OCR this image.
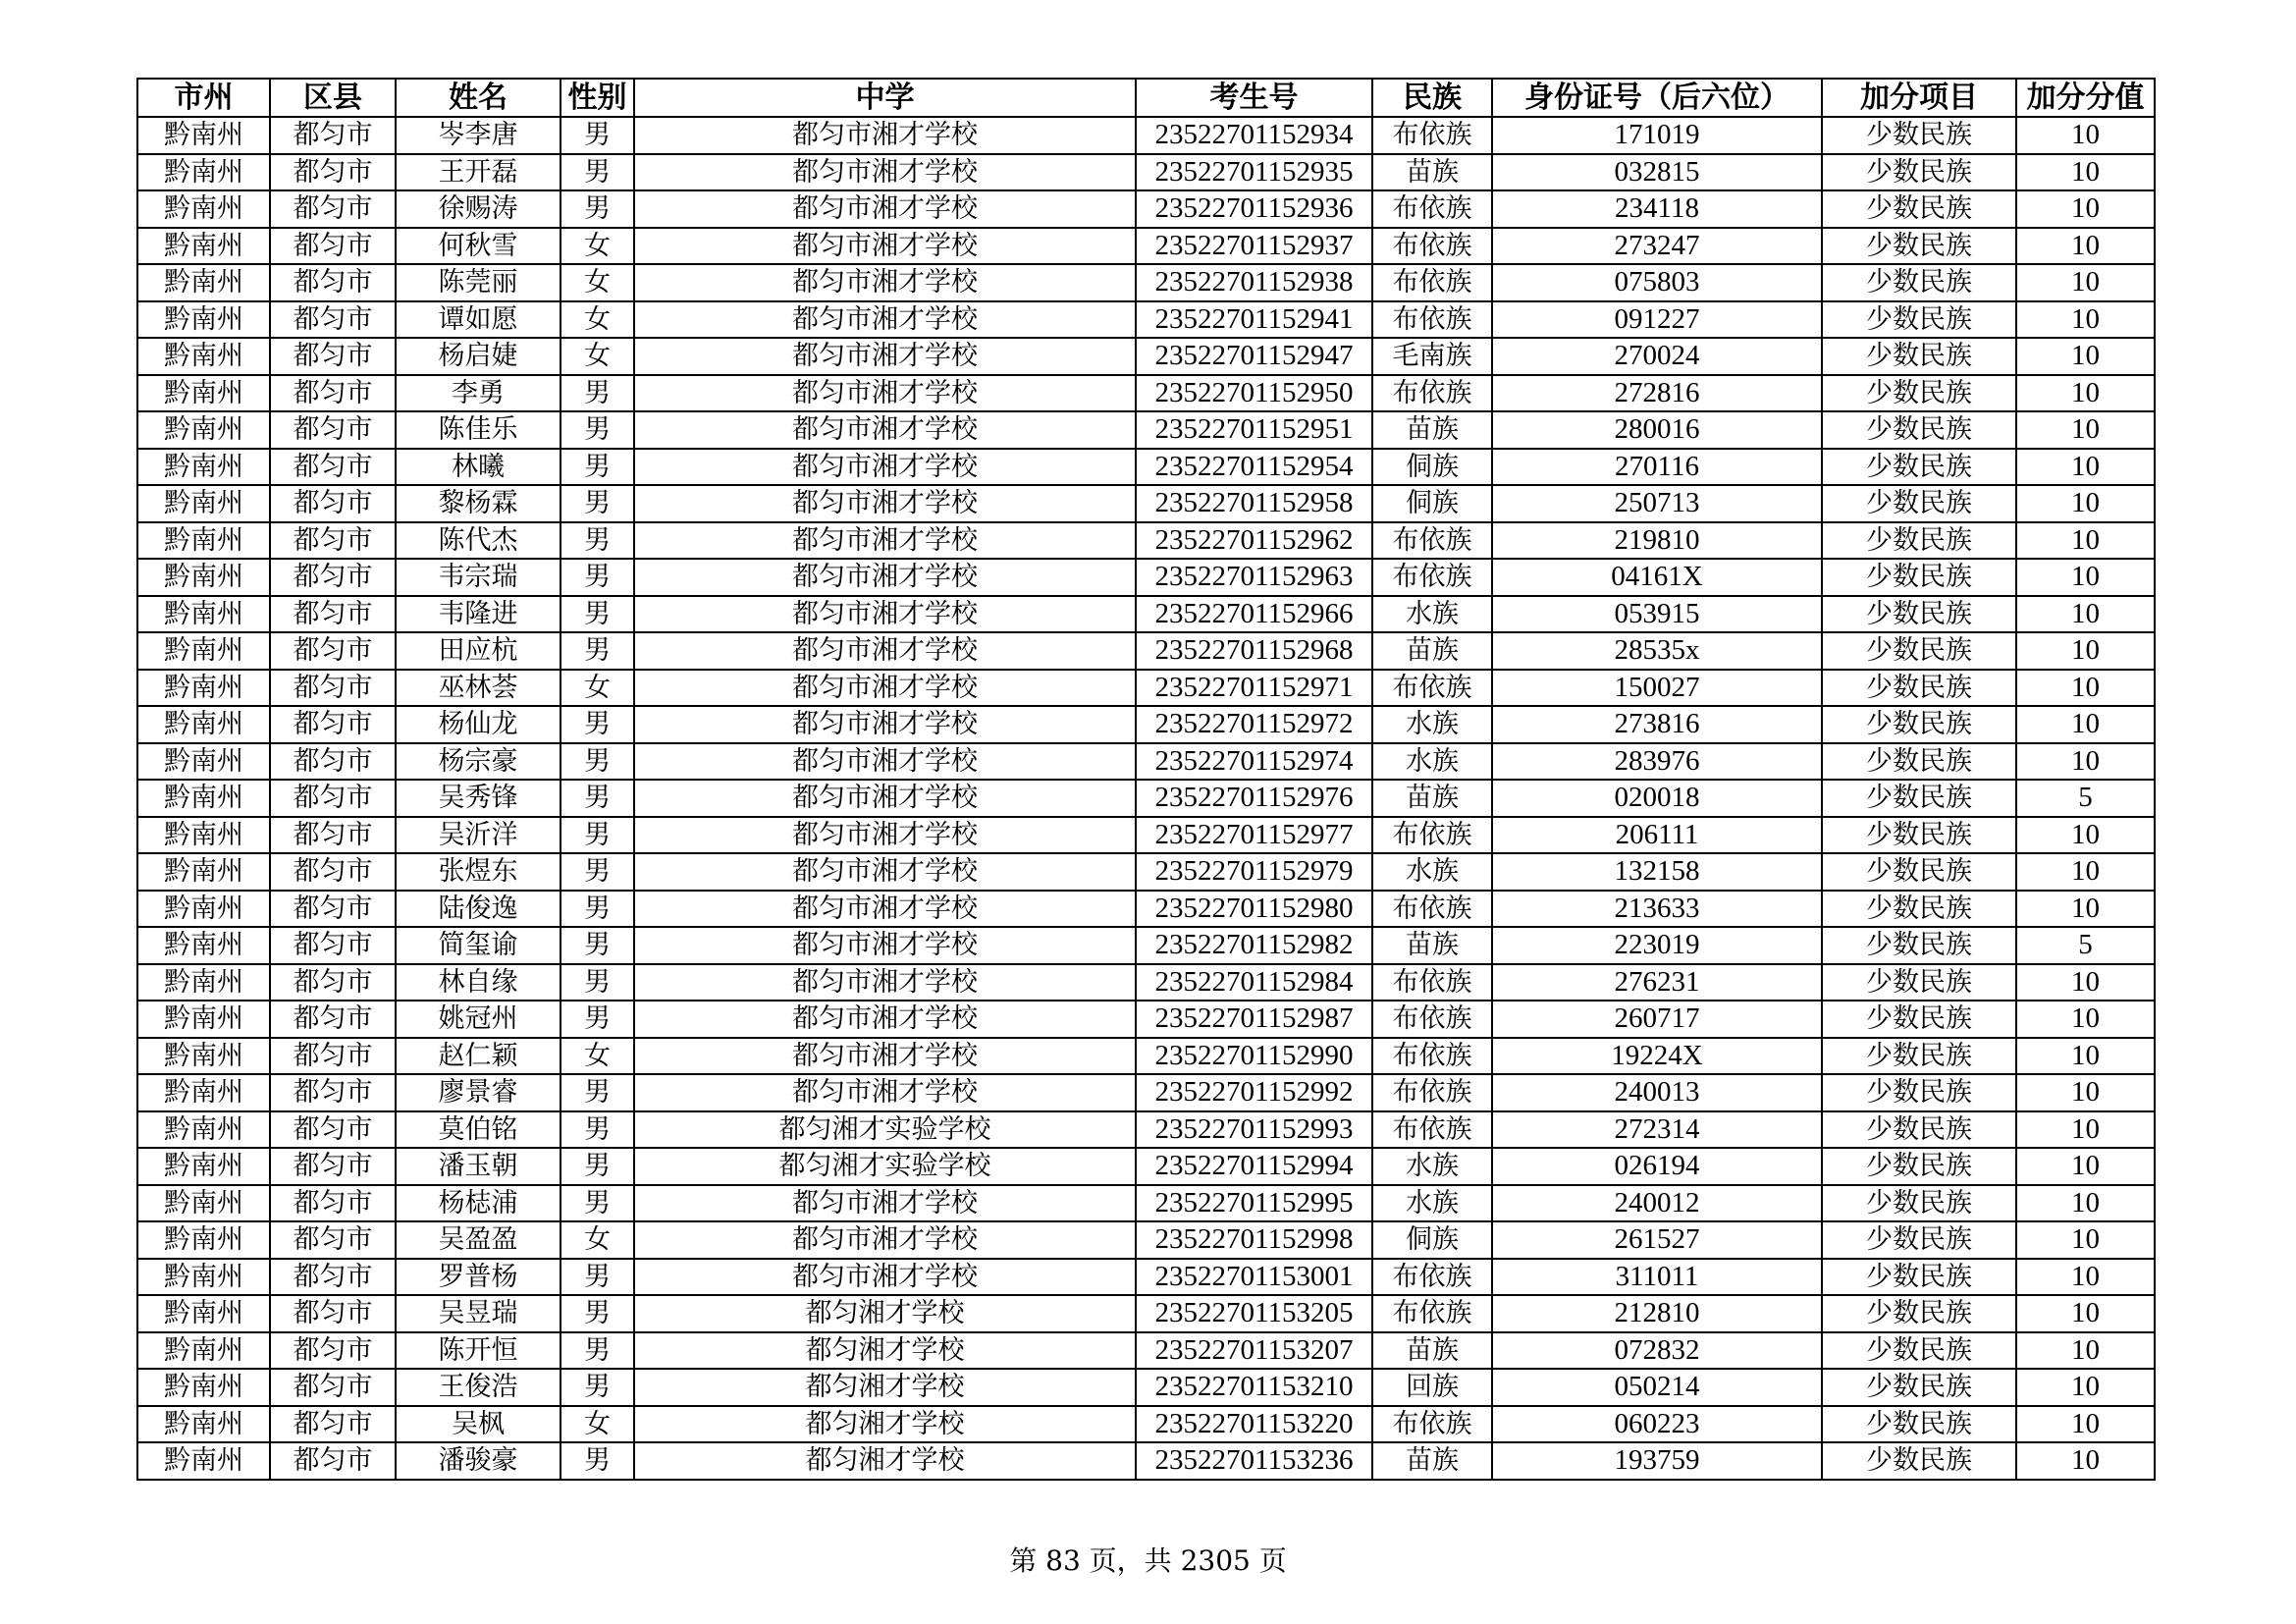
市州	区县	姓名	性别	中学	考生号	民族	身份证号（后六位）	加分项目	加分分值
黔南州	都匀市	岑李唐	男	都匀市湘才学校	23522701152934	布依族	171019	少数民族	10
黔南州	都匀市	王开磊	男	都匀市湘才学校	23522701152935	苗族	032815	少数民族	10
黔南州	都匀市	徐赐涛	男	都匀市湘才学校	23522701152936	布依族	234118	少数民族	10
黔南州	都匀市	何秋雪	女	都匀市湘才学校	23522701152937	布依族	273247	少数民族	10
黔南州	都匀市	陈莞丽	女	都匀市湘才学校	23522701152938	布依族	075803	少数民族	10
黔南州	都匀市	谭如愿	女	都匀市湘才学校	23522701152941	布依族	091227	少数民族	10
黔南州	都匀市	杨启婕	女	都匀市湘才学校	23522701152947	毛南族	270024	少数民族	10
黔南州	都匀市	李勇	男	都匀市湘才学校	23522701152950	布依族	272816	少数民族	10
黔南州	都匀市	陈佳乐	男	都匀市湘才学校	23522701152951	苗族	280016	少数民族	10
黔南州	都匀市	林曦	男	都匀市湘才学校	23522701152954	侗族	270116	少数民族	10
黔南州	都匀市	黎杨霖	男	都匀市湘才学校	23522701152958	侗族	250713	少数民族	10
黔南州	都匀市	陈代杰	男	都匀市湘才学校	23522701152962	布依族	219810	少数民族	10
黔南州	都匀市	韦宗瑞	男	都匀市湘才学校	23522701152963	布依族	04161X	少数民族	10
黔南州	都匀市	韦隆进	男	都匀市湘才学校	23522701152966	水族	053915	少数民族	10
黔南州	都匀市	田应杭	男	都匀市湘才学校	23522701152968	苗族	28535x	少数民族	10
黔南州	都匀市	巫林荟	女	都匀市湘才学校	23522701152971	布依族	150027	少数民族	10
黔南州	都匀市	杨仙龙	男	都匀市湘才学校	23522701152972	水族	273816	少数民族	10
黔南州	都匀市	杨宗豪	男	都匀市湘才学校	23522701152974	水族	283976	少数民族	10
黔南州	都匀市	吴秀锋	男	都匀市湘才学校	23522701152976	苗族	020018	少数民族	5
黔南州	都匀市	吴沂洋	男	都匀市湘才学校	23522701152977	布依族	206111	少数民族	10
黔南州	都匀市	张煜东	男	都匀市湘才学校	23522701152979	水族	132158	少数民族	10
黔南州	都匀市	陆俊逸	男	都匀市湘才学校	23522701152980	布依族	213633	少数民族	10
黔南州	都匀市	简玺谕	男	都匀市湘才学校	23522701152982	苗族	223019	少数民族	5
黔南州	都匀市	林自缘	男	都匀市湘才学校	23522701152984	布依族	276231	少数民族	10
黔南州	都匀市	姚冠州	男	都匀市湘才学校	23522701152987	布依族	260717	少数民族	10
黔南州	都匀市	赵仁颖	女	都匀市湘才学校	23522701152990	布依族	19224X	少数民族	10
黔南州	都匀市	廖景睿	男	都匀市湘才学校	23522701152992	布依族	240013	少数民族	10
黔南州	都匀市	莫伯铭	男	都匀湘才实验学校	23522701152993	布依族	272314	少数民族	10
黔南州	都匀市	潘玉朝	男	都匀湘才实验学校	23522701152994	水族	026194	少数民族	10
黔南州	都匀市	杨梽浦	男	都匀市湘才学校	23522701152995	水族	240012	少数民族	10
黔南州	都匀市	吴盈盈	女	都匀市湘才学校	23522701152998	侗族	261527	少数民族	10
黔南州	都匀市	罗普杨	男	都匀市湘才学校	23522701153001	布依族	311011	少数民族	10
黔南州	都匀市	吴昱瑞	男	都匀湘才学校	23522701153205	布依族	212810	少数民族	10
黔南州	都匀市	陈开恒	男	都匀湘才学校	23522701153207	苗族	072832	少数民族	10
黔南州	都匀市	王俊浩	男	都匀湘才学校	23522701153210	回族	050214	少数民族	10
黔南州	都匀市	吴枫	女	都匀湘才学校	23522701153220	布依族	060223	少数民族	10
黔南州	都匀市	潘骏豪	男	都匀湘才学校	23522701153236	苗族	193759	少数民族	10
第 83 页，共 2305 页
